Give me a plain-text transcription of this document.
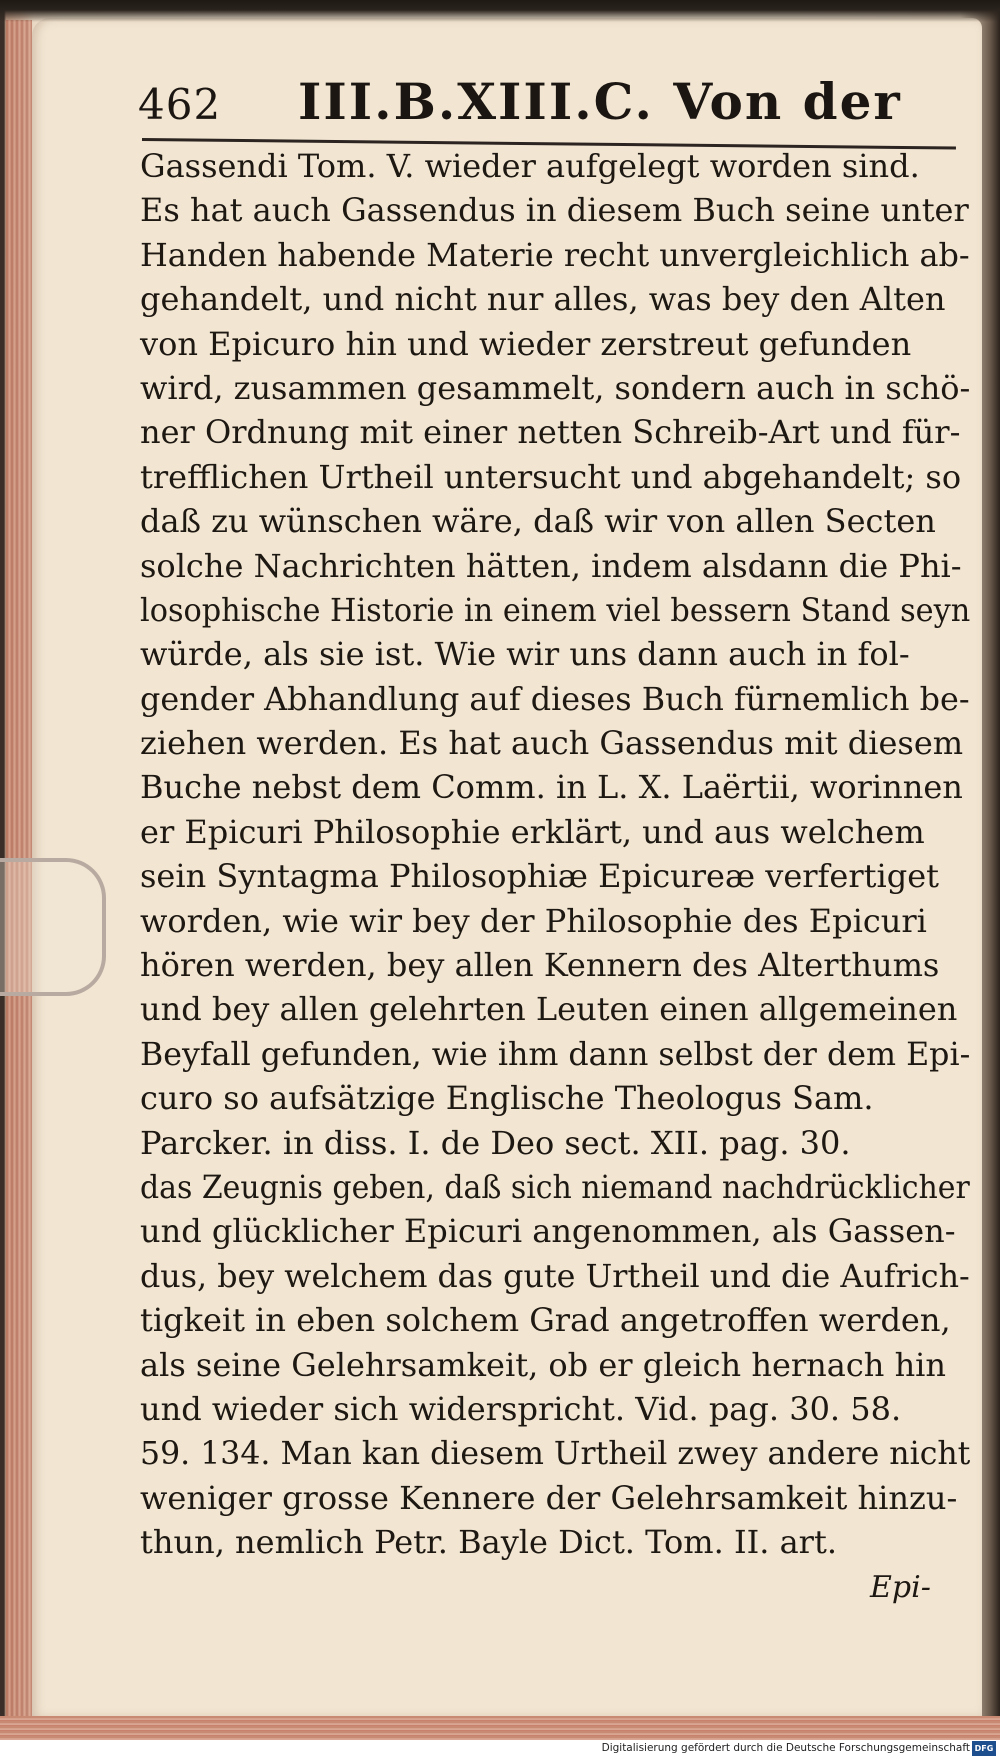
462 III.B.XIII.C. Von der
Gassendi Tom. V. wieder aufgelegt worden sind.
Es hat auch Gassendus in diesem Buch seine unter
Handen habende Materie recht unvergleichlich ab-
gehandelt, und nicht nur alles, was bey den Alten
von Epicuro hin und wieder zerstreut gefunden
wird, zusammen gesammelt, sondern auch in schö-
ner Ordnung mit einer netten Schreib-Art und für-
trefflichen Urtheil untersucht und abgehandelt; so
daß zu wünschen wäre, daß wir von allen Secten
solche Nachrichten hätten, indem alsdann die Phi-
losophische Historie in einem viel bessern Stand seyn
würde, als sie ist. Wie wir uns dann auch in fol-
gender Abhandlung auf dieses Buch fürnemlich be-
ziehen werden. Es hat auch Gassendus mit diesem
Buche nebst dem Comm. in L. X. Laërtii, worinnen
er Epicuri Philosophie erklärt, und aus welchem
sein Syntagma Philosophiæ Epicureæ verfertiget
worden, wie wir bey der Philosophie des Epicuri
hören werden, bey allen Kennern des Alterthums
und bey allen gelehrten Leuten einen allgemeinen
Beyfall gefunden, wie ihm dann selbst der dem Epi-
curo so aufsätzige Englische Theologus Sam.
Parcker. in diss. I. de Deo sect. XII. pag. 30.
das Zeugnis geben, daß sich niemand nachdrücklicher
und glücklicher Epicuri angenommen, als Gassen-
dus, bey welchem das gute Urtheil und die Aufrich-
tigkeit in eben solchem Grad angetroffen werden,
als seine Gelehrsamkeit, ob er gleich hernach hin
und wieder sich widerspricht. Vid. pag. 30. 58.
59. 134. Man kan diesem Urtheil zwey andere nicht
weniger grosse Kennere der Gelehrsamkeit hinzu-
thun, nemlich Petr. Bayle Dict. Tom. II. art.
Epi-
Digitalisierung gefördert durch die Deutsche Forschungsgemeinschaft DFG
